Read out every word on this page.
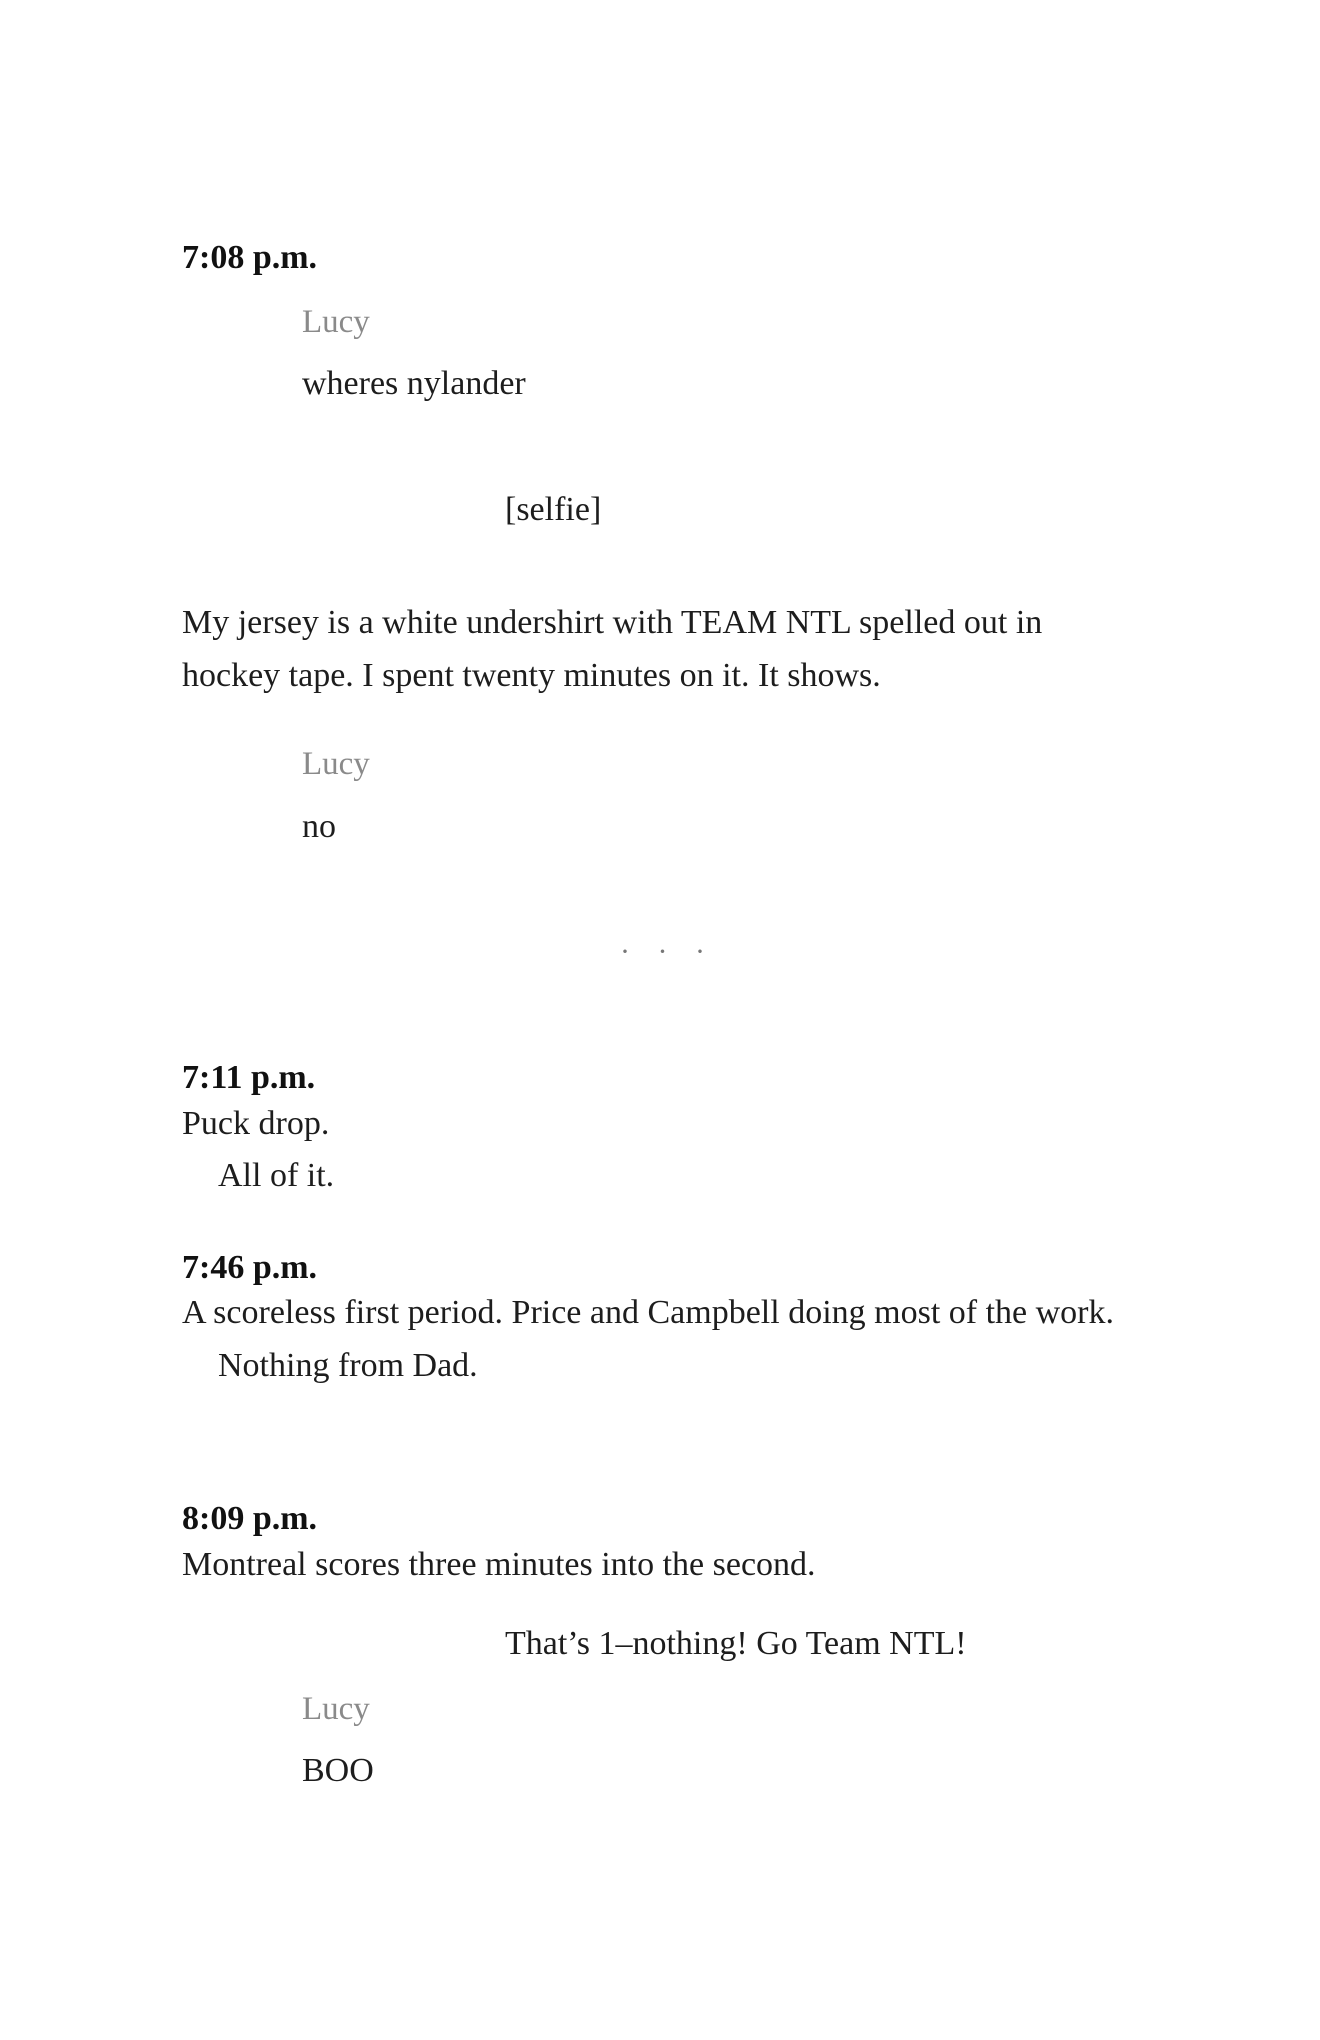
7:08 p.m.
Lucy
wheres nylander
[selfie]
My jersey is a white undershirt with TEAM NTL spelled out in
hockey tape. I spent twenty minutes on it. It shows.
Lucy
no
· · ·
7:11 p.m.
Puck drop.
All of it.
7:46 p.m.
A scoreless first period. Price and Campbell doing most of the work.
Nothing from Dad.
8:09 p.m.
Montreal scores three minutes into the second.
That’s 1–nothing! Go Team NTL!
Lucy
BOO
